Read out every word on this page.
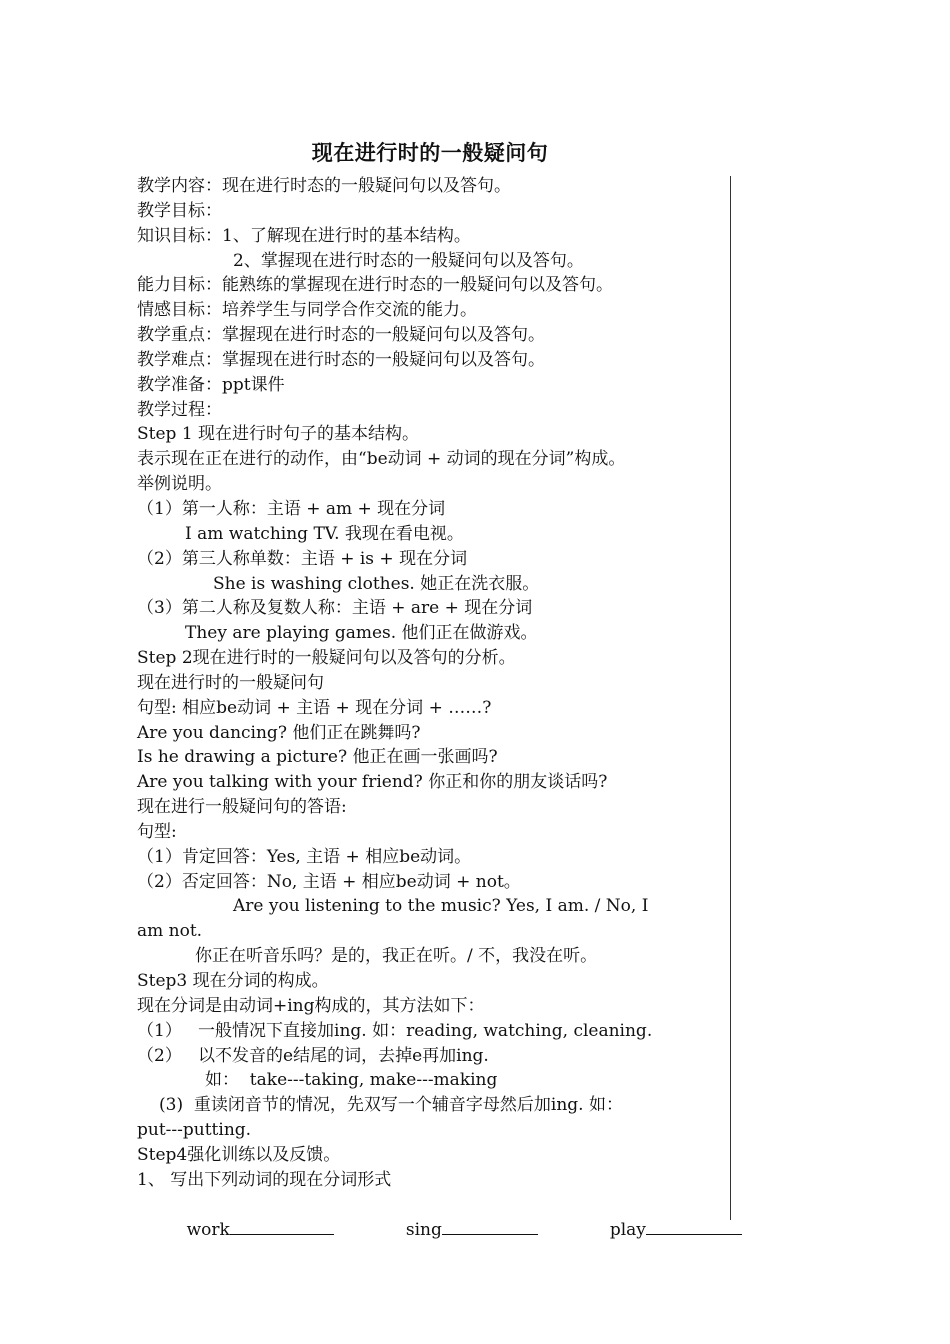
现在进行时的一般疑问句
教学内容：现在进行时态的一般疑问句以及答句。
教学目标：
知识目标：1、了解现在进行时的基本结构。
2、掌握现在进行时态的一般疑问句以及答句。
能力目标：能熟练的掌握现在进行时态的一般疑问句以及答句。
情感目标：培养学生与同学合作交流的能力。
教学重点：掌握现在进行时态的一般疑问句以及答句。
教学难点：掌握现在进行时态的一般疑问句以及答句。
教学准备：ppt课件
教学过程：
Step 1 现在进行时句子的基本结构。
表示现在正在进行的动作，由“be动词 + 动词的现在分词”构成。
举例说明。
（1）第一人称：主语 + am + 现在分词
I am watching TV. 我现在看电视。
（2）第三人称单数：主语 + is + 现在分词
She is washing clothes. 她正在洗衣服。
（3）第二人称及复数人称：主语 + are + 现在分词
They are playing games. 他们正在做游戏。
Step 2现在进行时的一般疑问句以及答句的分析。
现在进行时的一般疑问句
句型: 相应be动词 + 主语 + 现在分词 + ……?
Are you dancing? 他们正在跳舞吗?
Is he drawing a picture? 他正在画一张画吗?
Are you talking with your friend? 你正和你的朋友谈话吗?
现在进行一般疑问句的答语:
句型:
（1）肯定回答：Yes, 主语 + 相应be动词。
（2）否定回答：No, 主语 + 相应be动词 + not。
Are you listening to the music? Yes, I am. / No, I
am not.
你正在听音乐吗？是的，我正在听。/ 不，我没在听。
Step3 现在分词的构成。
现在分词是由动词+ing构成的，其方法如下：
（1）   一般情况下直接加ing. 如：reading, watching, cleaning.
（2）   以不发音的e结尾的词，去掉e再加ing.
如：  take---taking, make---making
(3)  重读闭音节的情况，先双写一个辅音字母然后加ing. 如：
put---putting.
Step4强化训练以及反馈。
1、 写出下列动词的现在分词形式

work	sing	play
